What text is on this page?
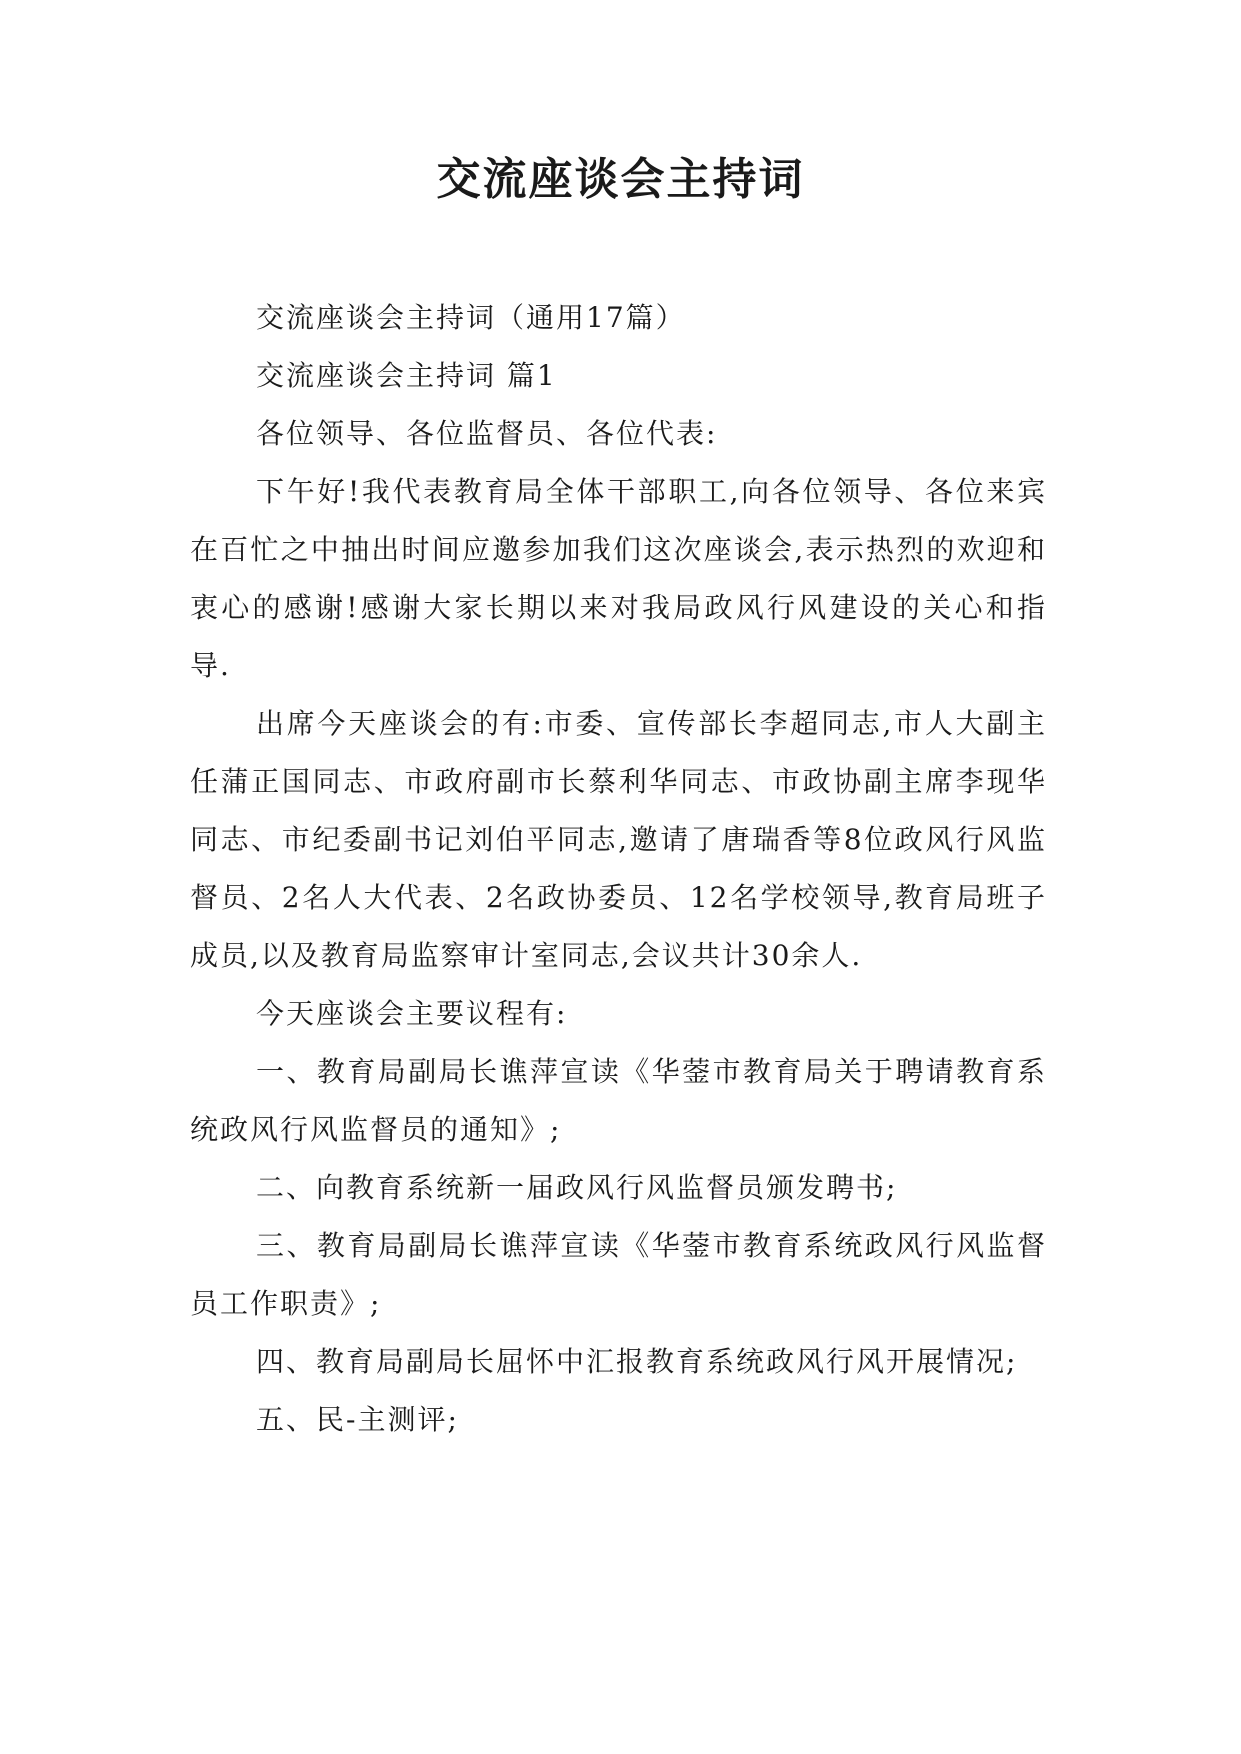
交流座谈会主持词

交流座谈会主持词（通用17篇）

交流座谈会主持词 篇1

各位领导、各位监督员、各位代表:

下午好!我代表教育局全体干部职工,向各位领导、各位来宾在百忙之中抽出时间应邀参加我们这次座谈会,表示热烈的欢迎和衷心的感谢!感谢大家长期以来对我局政风行风建设的关心和指导.

出席今天座谈会的有:市委、宣传部长李超同志,市人大副主任蒲正国同志、市政府副市长蔡利华同志、市政协副主席李现华同志、市纪委副书记刘伯平同志,邀请了唐瑞香等8位政风行风监督员、2名人大代表、2名政协委员、12名学校领导,教育局班子成员,以及教育局监察审计室同志,会议共计30余人.

今天座谈会主要议程有:

一、教育局副局长谯萍宣读《华蓥市教育局关于聘请教育系统政风行风监督员的通知》;

二、向教育系统新一届政风行风监督员颁发聘书;

三、教育局副局长谯萍宣读《华蓥市教育系统政风行风监督员工作职责》;

四、教育局副局长屈怀中汇报教育系统政风行风开展情况;

五、民-主测评;
